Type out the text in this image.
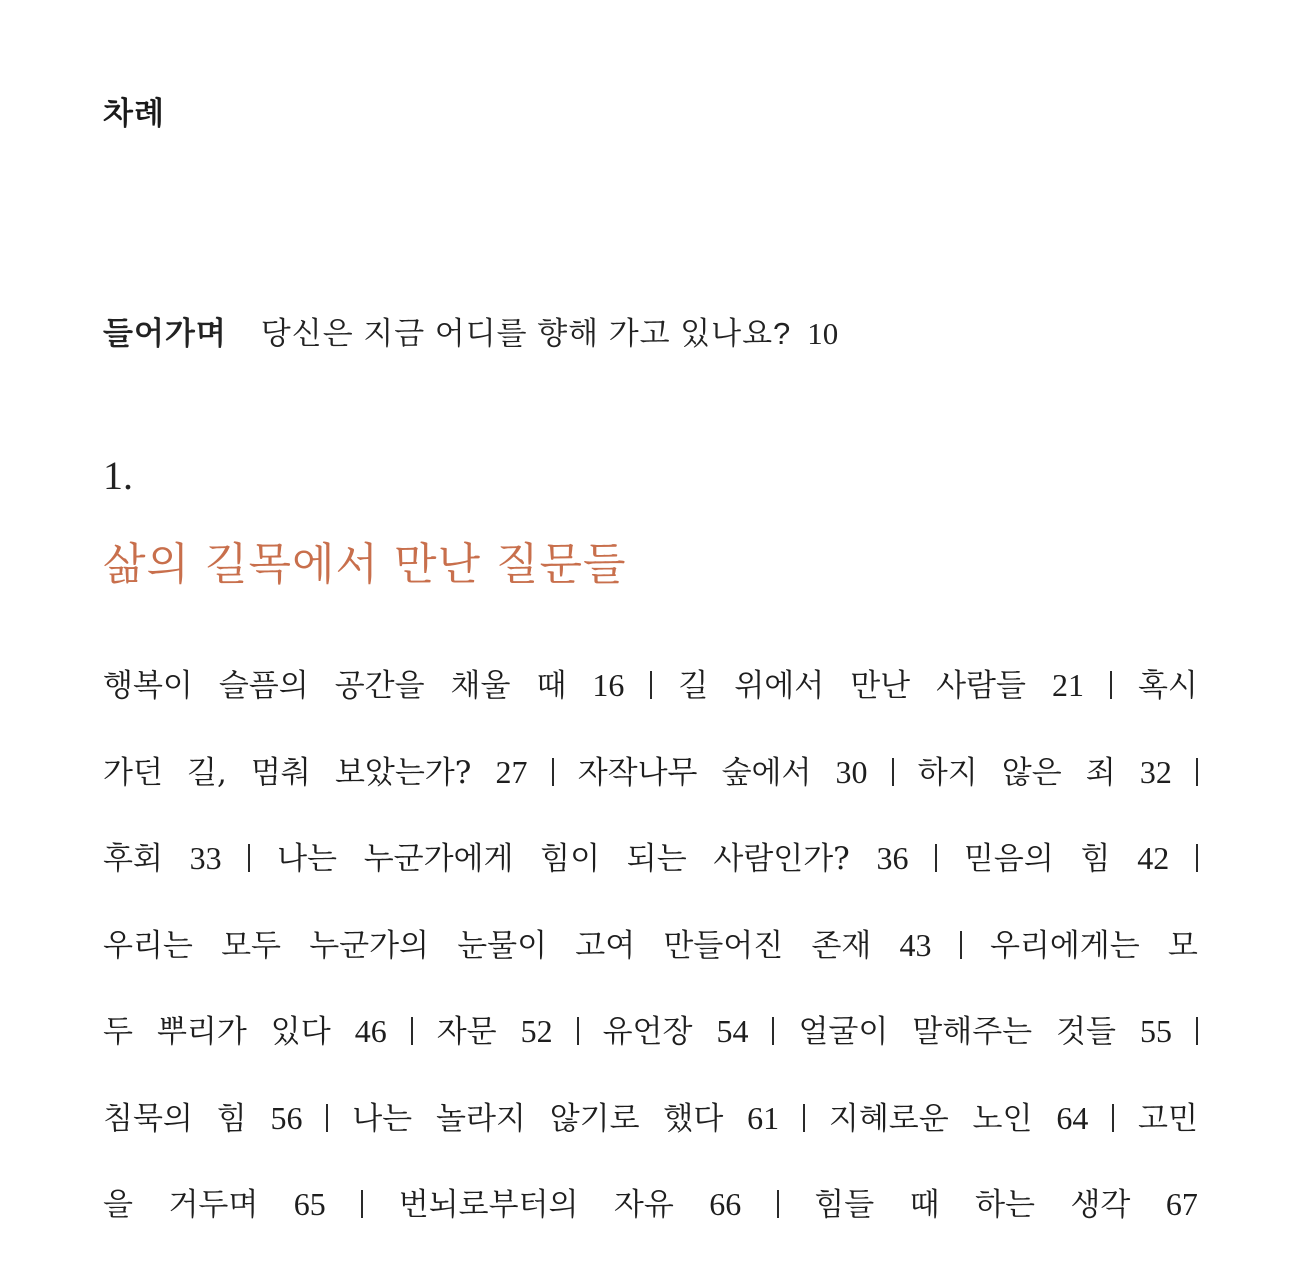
차례
들어가며 당신은 지금 어디를 향해 가고 있나요? 10
1.
삶의 길목에서 만난 질문들
행복이 슬픔의 공간을 채울 때 16 길 위에서 만난 사람들 21 혹시
가던 길, 멈춰 보았는가? 27 자작나무 숲에서 30 하지 않은 죄 32
후회 33 나는 누군가에게 힘이 되는 사람인가? 36 믿음의 힘 42
우리는 모두 누군가의 눈물이 고여 만들어진 존재 43 우리에게는 모
두 뿌리가 있다 46 자문 52 유언장 54 얼굴이 말해주는 것들 55
침묵의 힘 56 나는 놀라지 않기로 했다 61 지혜로운 노인 64 고민
을 거두며 65 번뇌로부터의 자유 66 힘들 때 하는 생각 67
